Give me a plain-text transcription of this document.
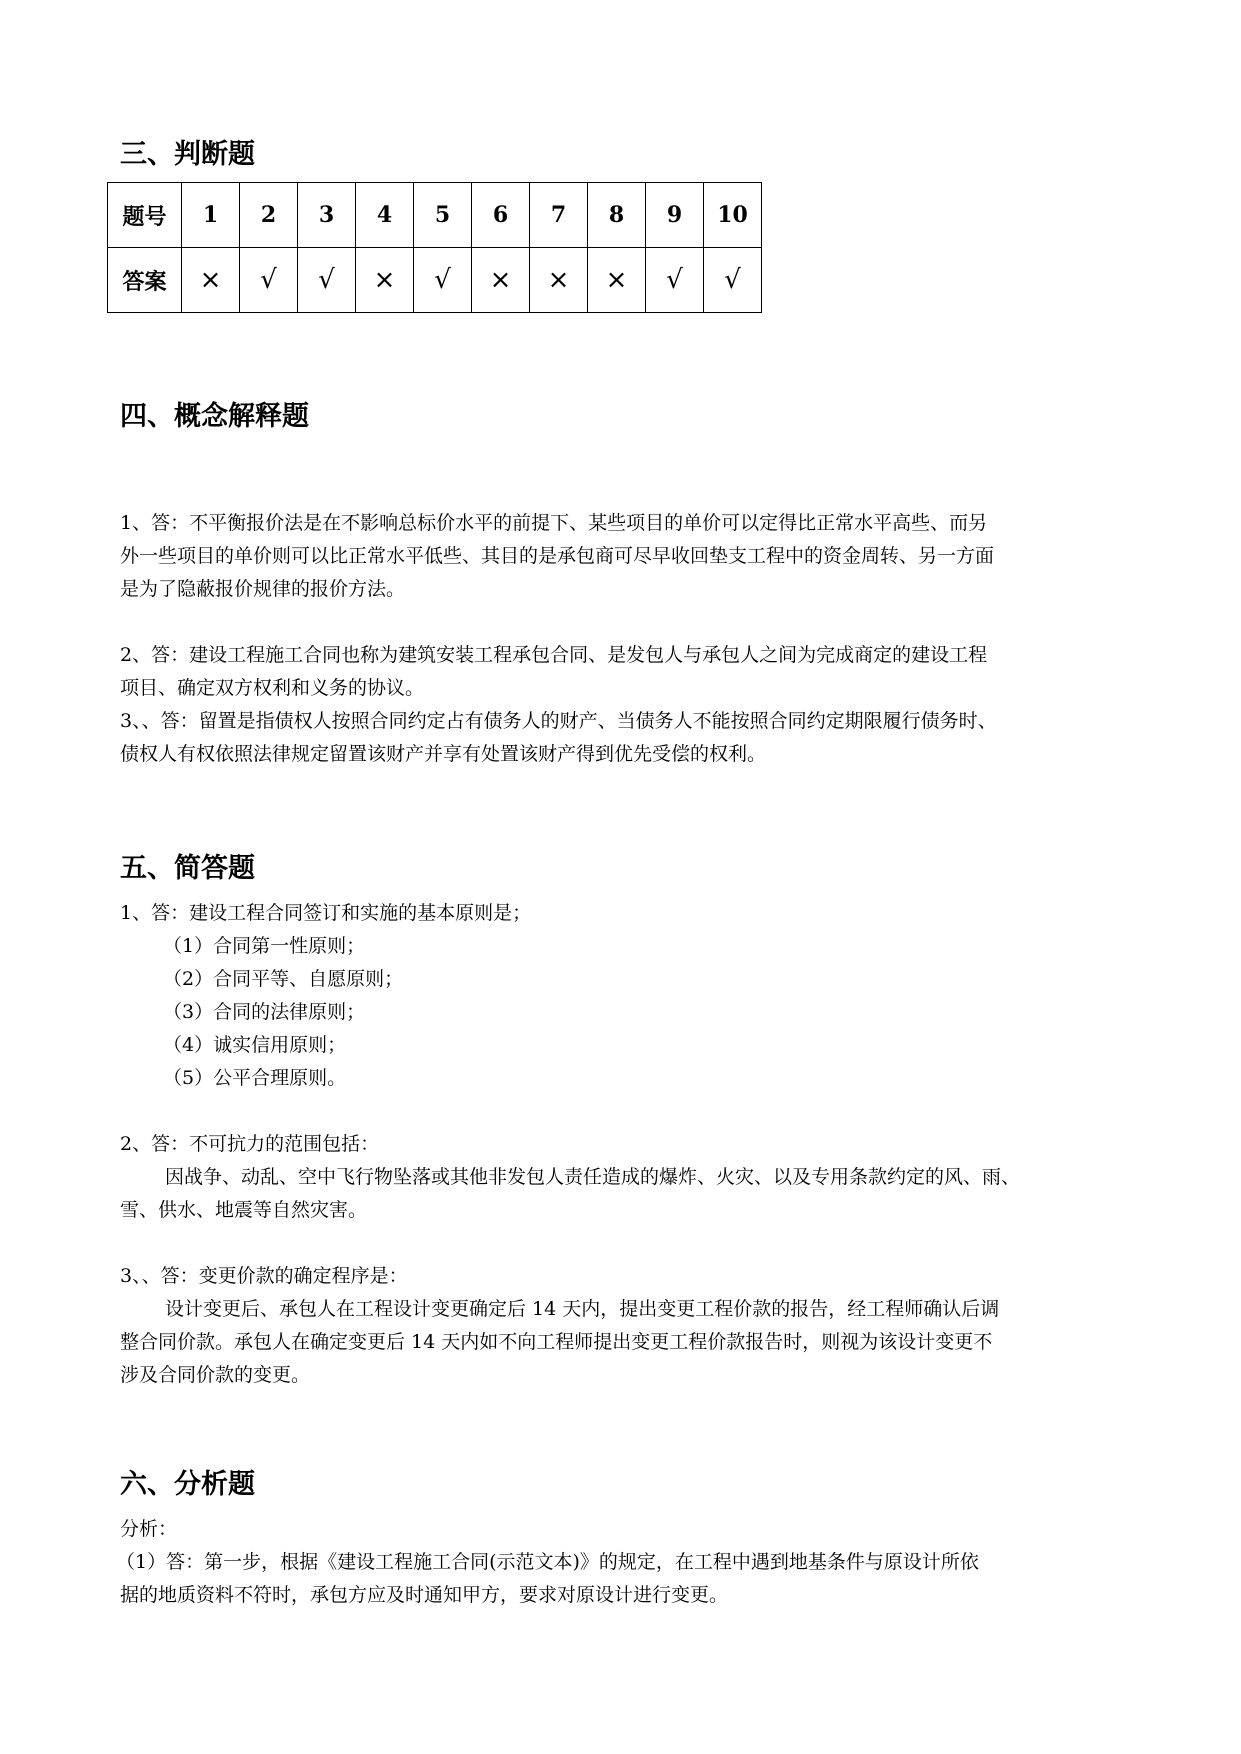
三、判断题
题号	1	2	3	4	5	6	7	8	9	10
答案	×	√	√	×	√	×	×	×	√	√
四、概念解释题
1、答：不平衡报价法是在不影响总标价水平的前提下、某些项目的单价可以定得比正常水平高些、而另
外一些项目的单价则可以比正常水平低些、其目的是承包商可尽早收回垫支工程中的资金周转、另一方面
是为了隐蔽报价规律的报价方法。
2、答：建设工程施工合同也称为建筑安装工程承包合同、是发包人与承包人之间为完成商定的建设工程
项目、确定双方权利和义务的协议。
3、、答：留置是指债权人按照合同约定占有债务人的财产、当债务人不能按照合同约定期限履行债务时、
债权人有权依照法律规定留置该财产并享有处置该财产得到优先受偿的权利。
五、简答题
1、答：建设工程合同签订和实施的基本原则是；
（1）合同第一性原则；
（2）合同平等、自愿原则；
（3）合同的法律原则；
（4）诚实信用原则；
（5）公平合理原则。
2、答：不可抗力的范围包括：
因战争、动乱、空中飞行物坠落或其他非发包人责任造成的爆炸、火灾、以及专用条款约定的风、雨、
雪、供水、地震等自然灾害。
3、、答：变更价款的确定程序是：
设计变更后、承包人在工程设计变更确定后 14 天内，提出变更工程价款的报告，经工程师确认后调
整合同价款。承包人在确定变更后 14 天内如不向工程师提出变更工程价款报告时，则视为该设计变更不
涉及合同价款的变更。
六、分析题
分析：
（1）答：第一步，根据《建设工程施工合同(示范文本)》的规定，在工程中遇到地基条件与原设计所依
据的地质资料不符时，承包方应及时通知甲方，要求对原设计进行变更。
